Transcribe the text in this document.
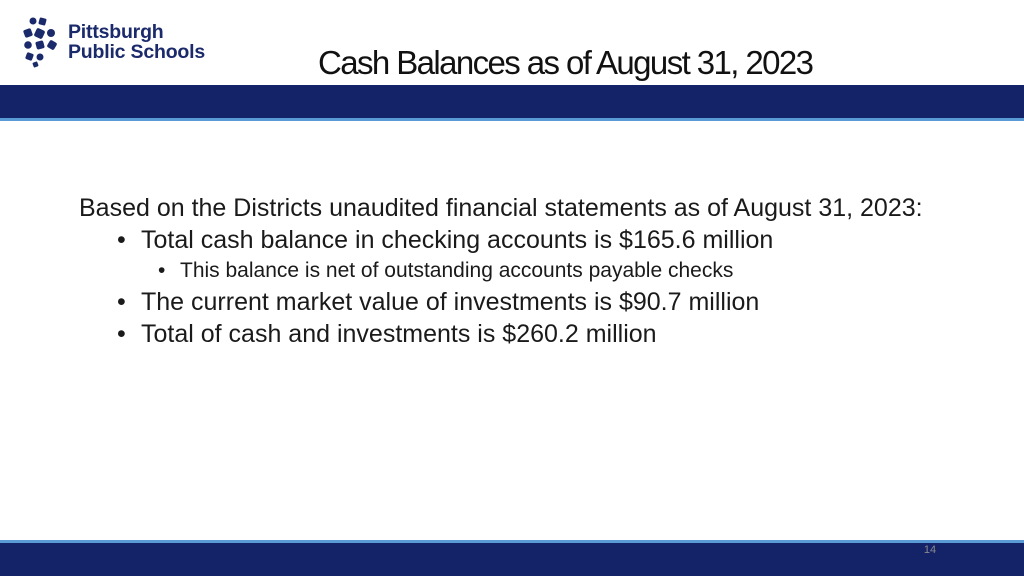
Pittsburgh
Public Schools	Cash Balances as of August 31, 2023

Based on the Districts unaudited financial statements as of August 31, 2023:

• Total cash balance in checking accounts is $165.6 million
• This balance is net of outstanding accounts payable checks
• The current market value of investments is $90.7 million
• Total of cash and investments is $260.2 million
14
